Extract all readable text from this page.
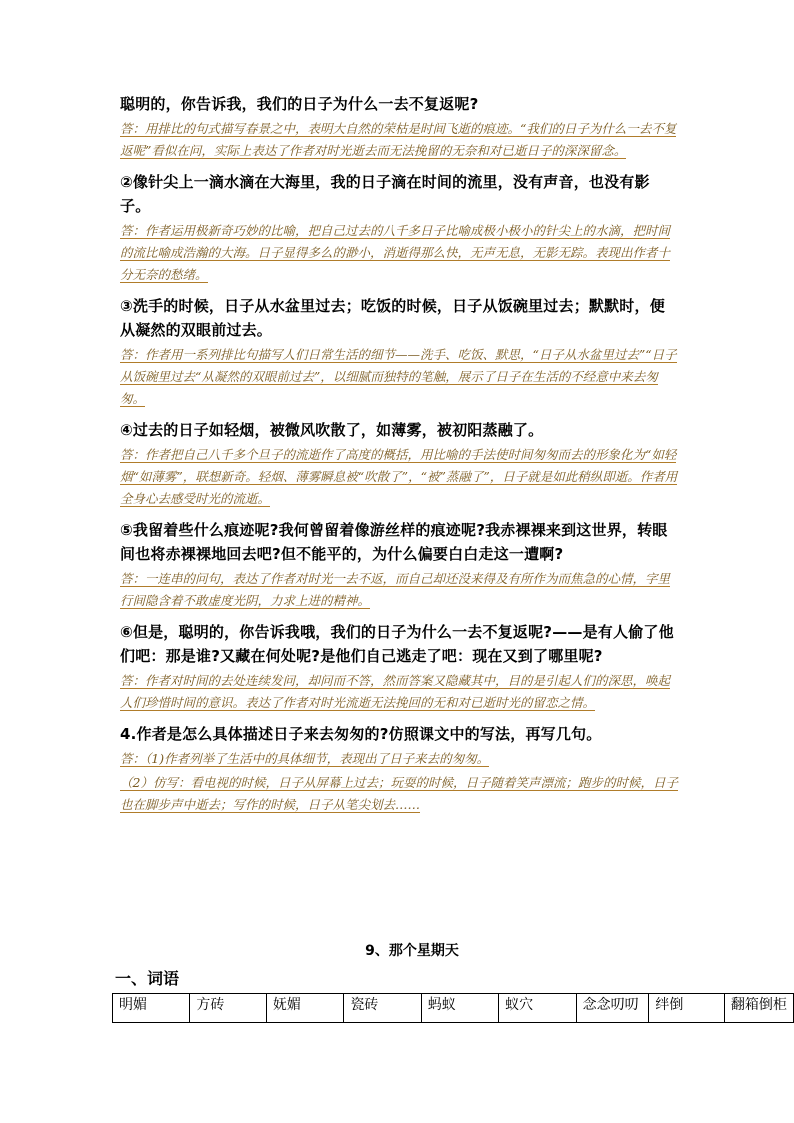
聪明的，你告诉我，我们的日子为什么一去不复返呢?

答：用排比的句式描写春景之中，表明大自然的荣枯是时间飞逝的痕迹。“我们的日子为什么一去不复返呢”看似在问，实际上表达了作者对时光逝去而无法挽留的无奈和对已逝日子的深深留念。

②像针尖上一滴水滴在大海里，我的日子滴在时间的流里，没有声音，也没有影子。

答：作者运用极新奇巧妙的比喻，把自己过去的八千多日子比喻成极小极小的针尖上的水滴，把时间的流比喻成浩瀚的大海。日子显得多么的渺小，消逝得那么快，无声无息，无影无踪。表现出作者十分无奈的愁绪。

③洗手的时候，日子从水盆里过去；吃饭的时候，日子从饭碗里过去；默默时，便从凝然的双眼前过去。

答：作者用一系列排比句描写人们日常生活的细节——洗手、吃饭、默思，“日子从水盆里过去”“日子从饭碗里过去“从凝然的双眼前过去”，以细腻而独特的笔触，展示了日子在生活的不经意中来去匆匆。

④过去的日子如轻烟，被微风吹散了，如薄雾，被初阳蒸融了。

答：作者把自己八千多个旦子的流逝作了高度的概括，用比喻的手法使时间匆匆而去的形象化为“如轻烟“如薄雾”，联想新奇。轻烟、薄雾瞬息被“吹散了”，“被”蒸融了”，日子就是如此稍纵即逝。作者用全身心去感受时光的流逝。

⑤我留着些什么痕迹呢?我何曾留着像游丝样的痕迹呢?我赤裸裸来到这世界，转眼间也将赤裸裸地回去吧?但不能平的，为什么偏要白白走这一遭啊?

答：一连串的问句，表达了作者对时光一去不返，而自己却还没来得及有所作为而焦急的心情，字里行间隐含着不敢虚度光阴，力求上进的精神。

⑥但是，聪明的，你告诉我哦，我们的日子为什么一去不复返呢?——是有人偷了他们吧：那是谁?又藏在何处呢?是他们自己逃走了吧：现在又到了哪里呢?

答：作者对时间的去处连续发问，却问而不答，然而答案又隐藏其中，目的是引起人们的深思，唤起人们珍惜时间的意识。表达了作者对时光流逝无法挽回的无和对已逝时光的留恋之情。

4.作者是怎么具体描述日子来去匆匆的?仿照课文中的写法，再写几句。

答：（1)作者列举了生活中的具体细节，表现出了日子来去的匆匆。
（2）仿写：看电视的时候，日子从屏幕上过去；玩耍的时候，日子随着笑声漂流；跑步的时候，日子也在脚步声中逝去；写作的时候，日子从笔尖划去……
9、那个星期天
一、词语
明媚	方砖	妩媚	瓷砖	蚂蚁	蚁穴	念念叨叨	绊倒	翻箱倒柜
